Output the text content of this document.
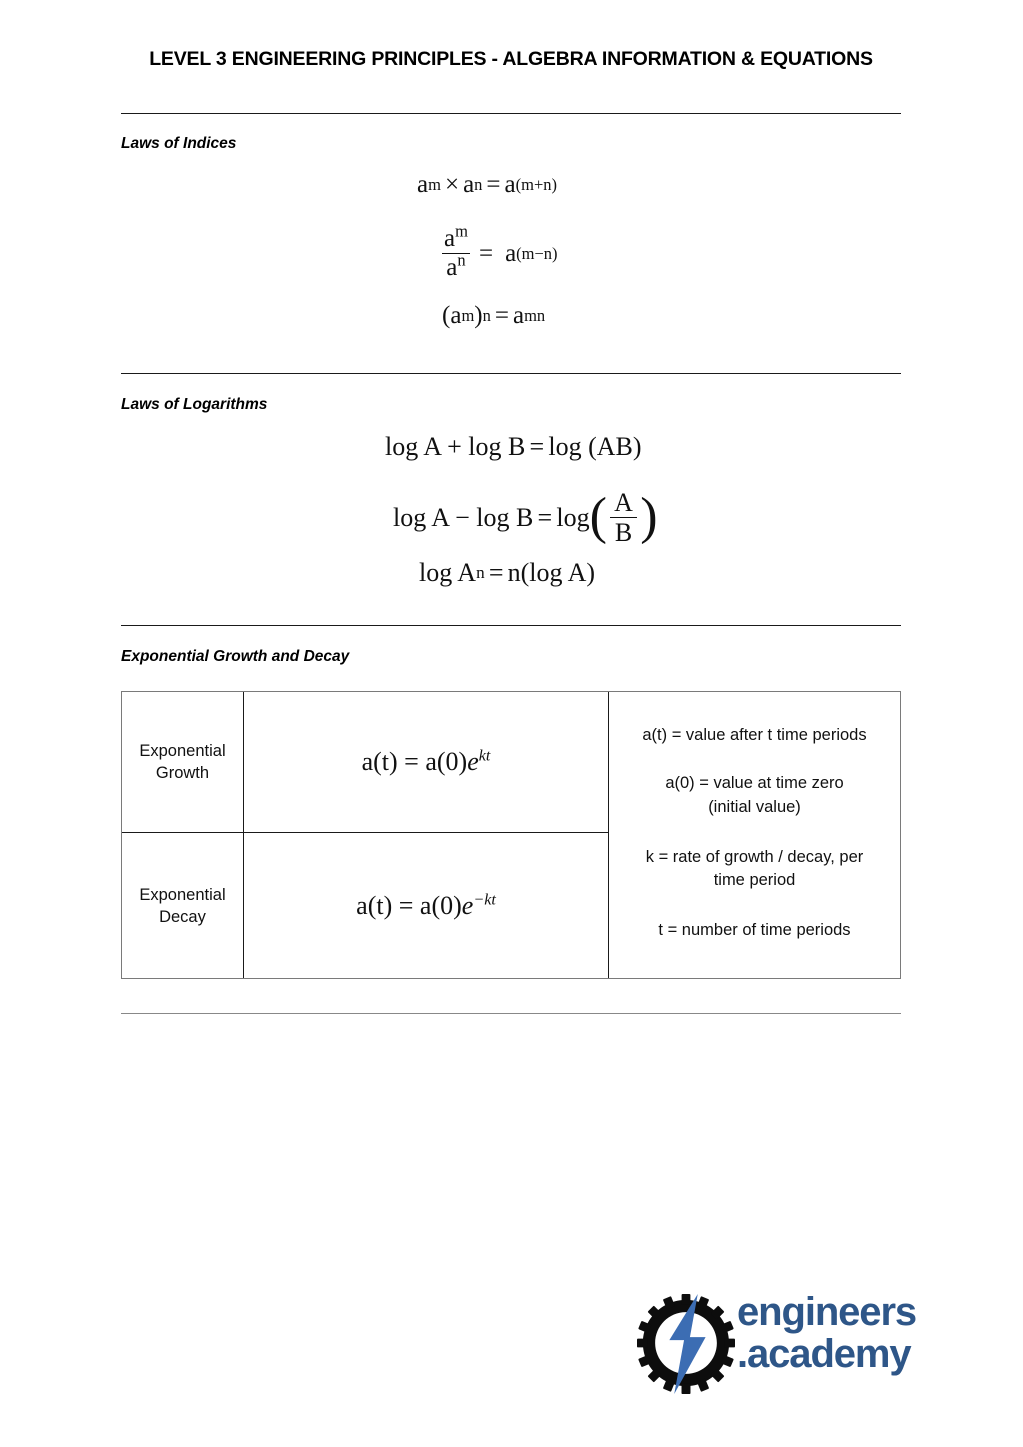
LEVEL 3 ENGINEERING PRINCIPLES - ALGEBRA INFORMATION & EQUATIONS
Laws of Indices
a m × a n = a (m+n)
$\frac{a^m}{a^n} = a$ (m−n)
( a m ) n = a mn
Laws of Logarithms
log A + log B = log (AB)
log A − log B = log ( $\frac{A}{B}$ )
log A n = n(log A)
Exponential Growth and Decay
Exponential
Growth
Exponential
Decay
$a(t) = a(0)e^{kt}$
$a(t) = a(0)e^{-kt}$

a(t) = value after t time periods

a(0) = value at time zero

(initial value)

k = rate of growth / decay, per

time period

t = number of time periods

engineers
.academy
